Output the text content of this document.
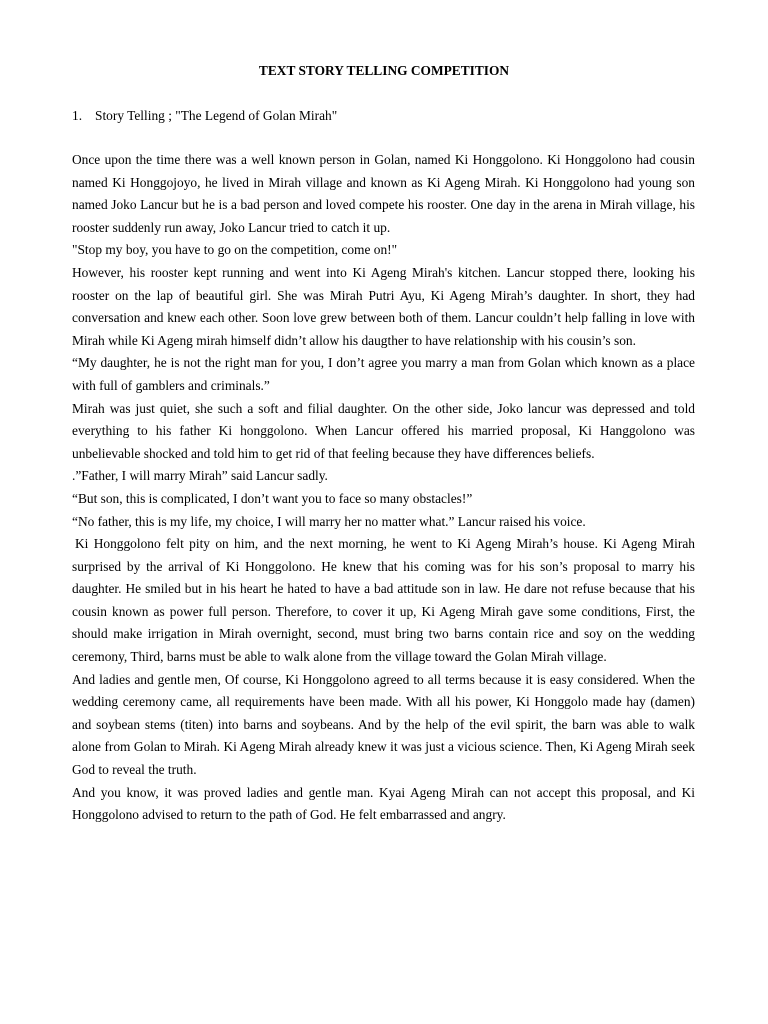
TEXT STORY TELLING COMPETITION
1. Story Telling ; "The Legend of Golan Mirah"

Once upon the time there was a well known person in Golan, named Ki Honggolono. Ki Honggolono had cousin named Ki Honggojoyo, he lived in Mirah village and known as Ki Ageng Mirah. Ki Honggolono had young son named Joko Lancur but he is a bad person and loved compete his rooster. One day in the arena in Mirah village, his rooster suddenly run away, Joko Lancur tried to catch it up.

"Stop my boy, you have to go on the competition, come on!"

However, his rooster kept running and went into Ki Ageng Mirah's kitchen. Lancur stopped there, looking his rooster on the lap of beautiful girl. She was Mirah Putri Ayu, Ki Ageng Mirah’s daughter. In short, they had conversation and knew each other. Soon love grew between both of them. Lancur couldn’t help falling in love with Mirah while Ki Ageng mirah himself didn’t allow his daugther to have relationship with his cousin’s son.

“My daughter, he is not the right man for you, I don’t agree you marry a man from Golan which known as a place with full of gamblers and criminals.”

Mirah was just quiet, she such a soft and filial daughter. On the other side, Joko lancur was depressed and told everything to his father Ki honggolono. When Lancur offered his married proposal, Ki Hanggolono was unbelievable shocked and told him to get rid of that feeling because they have differences beliefs.

.”Father, I will marry Mirah” said Lancur sadly.

“But son, this is complicated, I don’t want you to face so many obstacles!”

“No father, this is my life, my choice, I will marry her no matter what.” Lancur raised his voice.

Ki Honggolono felt pity on him, and the next morning, he went to Ki Ageng Mirah’s house. Ki Ageng Mirah surprised by the arrival of Ki Honggolono. He knew that his coming was for his son’s proposal to marry his daughter. He smiled but in his heart he hated to have a bad attitude son in law. He dare not refuse because that his cousin known as power full person. Therefore, to cover it up, Ki Ageng Mirah gave some conditions, First, the should make irrigation in Mirah overnight, second, must bring two barns contain rice and soy on the wedding ceremony, Third, barns must be able to walk alone from the village toward the Golan Mirah village.

And ladies and gentle men, Of course, Ki Honggolono agreed to all terms because it is easy considered. When the wedding ceremony came, all requirements have been made. With all his power, Ki Honggolo made hay (damen) and soybean stems (titen) into barns and soybeans. And by the help of the evil spirit, the barn was able to walk alone from Golan to Mirah. Ki Ageng Mirah already knew it was just a vicious science. Then, Ki Ageng Mirah seek God to reveal the truth.

And you know, it was proved ladies and gentle man. Kyai Ageng Mirah can not accept this proposal, and Ki Honggolono advised to return to the path of God. He felt embarrassed and angry.
